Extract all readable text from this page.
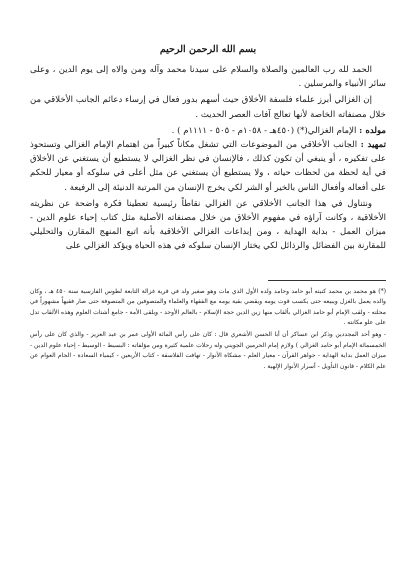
بسم الله الرحمن الرحيم

الحمد لله رب العالمين والصلاة والسلام على سيدنا محمد وآله ومن والاه إلى يوم الدين ، وعلى سائر الأنبياء والمرسلين .

إن الغزالي أبرز علماء فلسفة الأخلاق حيث أسهم بدور فعال في إرساء دعائم الجانب الأخلاقي من خلال مصنفاته الخاصة لأنها تعالج آفات العصر الحديث .

مولده : الإمام الغزالي(*) (٤٥٠هـ - ١٠٥٨م - ٥٠٥ - ١١١١م ) .

تمهيد : الجانب الأخلاقي من الموضوعات التي تشغل مكاناً كبيراً من اهتمام الإمام الغزالي وتستحوذ على تفكيره ، أو ينبغي أن تكون كذلك ، فالإنسان في نظر الغزالي لا يستطيع أن يستغني عن الأخلاق في أية لحظة من لحظات حياته ، ولا يستطيع أن يستغني عن مثل أعلى في سلوكه أو معيار للحكم على أفعاله وأفعال الناس بالخير أو الشر لكي يخرج الإنسان من المرتبة الدنيئة إلى الرفيعة .

ونتناول في هذا الجانب الأخلاقي عن الغزالي نقاطاً رئيسية تعطينا فكرة واضحة عن نظريته الأخلاقية ، وكانت آراؤه في مفهوم الأخلاق من خلال مصنفاته الأصلية مثل كتاب إحياء علوم الدين - ميزان العمل - بداية الهداية ، ومن إبداعات الغزالي الأخلاقية بأنه اتبع المنهج المقارن والتحليلي للمقارنة بين الفضائل والرذائل لكي يختار الإنسان سلوكه في هذه الحياة ويؤكد الغزالي على

(*) هو محمد بن محمد كنيته أبو حامد وحامد ولده الأول الذي مات وهو صغير ولد في قرية غزالة التابعة لطوس الفارسية سنة ٤٥٠ هـ ، وكان والده يعمل بالغزل ويبيعه حتى يكسب قوت يومه ويقضي بقية يومه مع الفقهاء والعلماء والمتصوفين من المتصوفة حتى صار فقيهاً مشهوراً في محلته - ولقب الإمام أبو حامد الغزالي بألقاب منها زين الدين حجة الإسلام - بالعالم الأوحد - ويلقى الأمة - جامع أشتات العلوم وهذه الألقاب تدل على علو مكانته .

- وهو أحد المجددين وذكر ابن عساكر أن أبا الحسن الأشعري قال : كان على رأس المائة الأولى عمر بن عبد العزيز - والذي كان على رأس الخمسمائة الإمام أبو حامد الغزالي ) ولازم إمام الحرمين الجويني وله رحلات علمية كثيرة ومن مؤلفاته : البسيط - الوسيط - إحياء علوم الدين - ميزان العمل بداية الهداية - جواهر القرآن - معيار العلم - مشكاة الأنوار - تهافت الفلاسفة - كتاب الأربعين - كيمياء السعادة - الجام العوام عن علم الكلام - قانون التأويل - أسرار الأنوار الإلهية .
